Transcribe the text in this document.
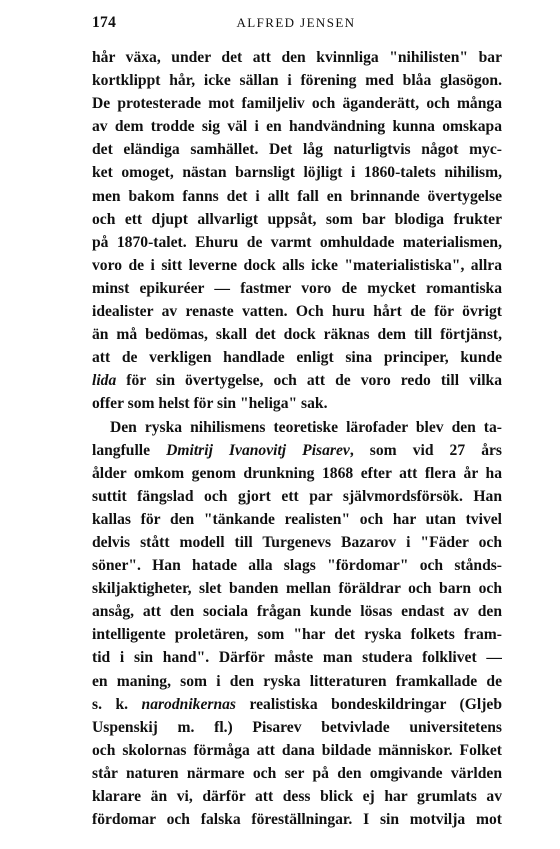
174	ALFRED JENSEN
hår växa, under det att den kvinnliga "nihilisten" bar
kortklippt hår, icke sällan i förening med blåa glasögon.
De protesterade mot familjeliv och äganderätt, och många
av dem trodde sig väl i en handvändning kunna omskapa
det eländiga samhället. Det låg naturligtvis något myc-
ket omoget, nästan barnsligt löjligt i 1860-talets nihilism,
men bakom fanns det i allt fall en brinnande övertygelse
och ett djupt allvarligt uppsåt, som bar blodiga frukter
på 1870-talet. Ehuru de varmt omhuldade materialismen,
voro de i sitt leverne dock alls icke "materialistiska", allra
minst epikuréer — fastmer voro de mycket romantiska
idealister av renaste vatten. Och huru hårt de för övrigt
än må bedömas, skall det dock räknas dem till förtjänst,
att de verkligen handlade enligt sina principer, kunde
lida för sin övertygelse, och att de voro redo till vilka
offer som helst för sin "heliga" sak.
Den ryska nihilismens teoretiske lärofader blev den ta-
langfulle Dmitrij Ivanovitj Pisarev, som vid 27 års
ålder omkom genom drunkning 1868 efter att flera år ha
suttit fängslad och gjort ett par självmordsförsök. Han
kallas för den "tänkande realisten" och har utan tvivel
delvis stått modell till Turgenevs Bazarov i "Fäder och
söner". Han hatade alla slags "fördomar" och stånds-
skiljaktigheter, slet banden mellan föräldrar och barn och
ansåg, att den sociala frågan kunde lösas endast av den
intelligente proletären, som "har det ryska folkets fram-
tid i sin hand". Därför måste man studera folklivet —
en maning, som i den ryska litteraturen framkallade de
s. k. narodnikernas realistiska bondeskildringar (Gljeb
Uspenskij m. fl.) Pisarev betvivlade universitetens
och skolornas förmåga att dana bildade människor. Folket
står naturen närmare och ser på den omgivande världen
klarare än vi, därför att dess blick ej har grumlats av
fördomar och falska föreställningar. I sin motvilja mot
